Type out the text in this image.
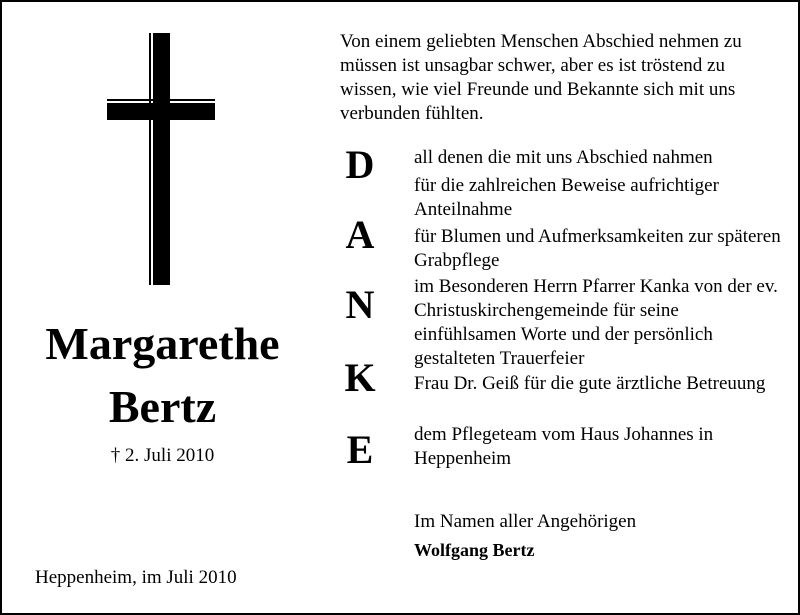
Margarethe
Bertz
† 2. Juli 2010
Heppenheim, im Juli 2010
Von einem geliebten Menschen Abschied nehmen zu müssen ist unsagbar schwer, aber es ist tröstend zu wissen, wie viel Freunde und Bekannte sich mit uns verbunden fühlten.
D
A
N
K
E
all denen die mit uns Abschied nahmen
für die zahlreichen Beweise aufrichtiger Anteilnahme
für Blumen und Aufmerksamkeiten zur späteren Grabpflege
im Besonderen Herrn Pfarrer Kanka von der ev. Christuskirchengemeinde für seine einfühlsamen Worte und der persönlich gestalteten Trauerfeier
Frau Dr. Geiß für die gute ärztliche Betreuung
dem Pflegeteam vom Haus Johannes in Heppenheim
Im Namen aller Angehörigen
Wolfgang Bertz
